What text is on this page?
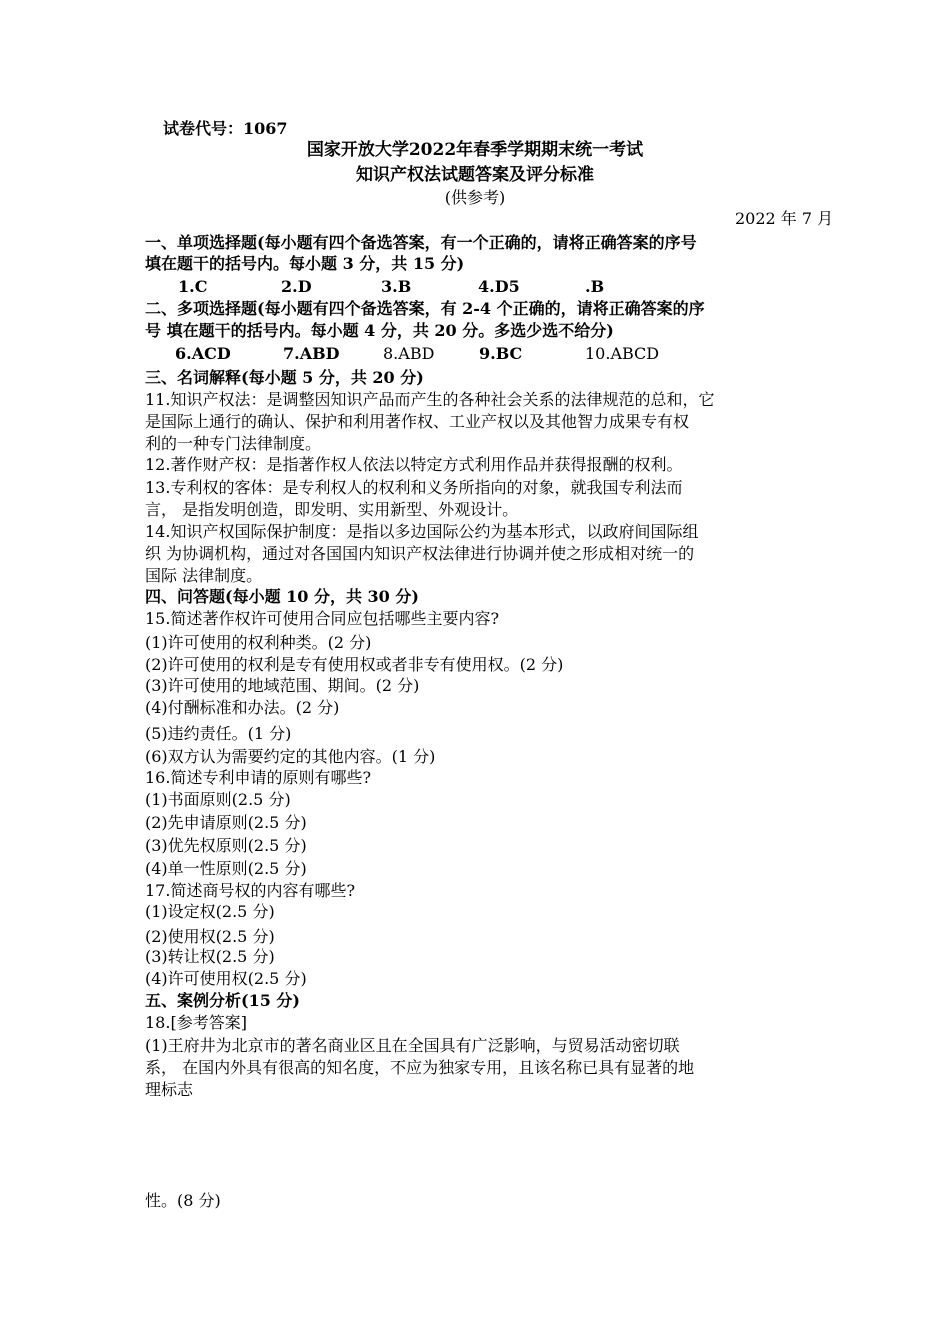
试卷代号：1067
国家开放大学2022年春季学期期末统一考试
知识产权法试题答案及评分标准
(供参考)
2022 年 7 月
一、单项选择题(每小题有四个备选答案，有一个正确的，请将正确答案的序号
填在题干的括号内。每小题 3 分，共 15 分)
1.C	2.D	3.B	4.D5	.B
二、多项选择题(每小题有四个备选答案，有 2-4 个正确的，请将正确答案的序
号 填在题干的括号内。每小题 4 分，共 20 分。多选少选不给分)
6.ACD	7.ABD	8.ABD	9.BC	10.ABCD
三、名词解释(每小题 5 分，共 20 分)
11.知识产权法：是调整因知识产品而产生的各种社会关系的法律规范的总和，它
是国际上通行的确认、保护和利用著作权、工业产权以及其他智力成果专有权
利的一种专门法律制度。
12.著作财产权：是指著作权人依法以特定方式利用作品并获得报酬的权利。
13.专利权的客体：是专利权人的权利和义务所指向的对象，就我国专利法而
言， 是指发明创造，即发明、实用新型、外观设计。
14.知识产权国际保护制度：是指以多边国际公约为基本形式，以政府间国际组
织 为协调机构，通过对各国国内知识产权法律进行协调并使之形成相对统一的
国际 法律制度。
四、问答题(每小题 10 分，共 30 分)
15.简述著作权许可使用合同应包括哪些主要内容?
(1)许可使用的权利种类。(2 分)
(2)许可使用的权利是专有使用权或者非专有使用权。(2 分)
(3)许可使用的地域范围、期间。(2 分)
(4)付酬标准和办法。(2 分)
(5)违约责任。(1 分)
(6)双方认为需要约定的其他内容。(1 分)
16.简述专利申请的原则有哪些?
(1)书面原则(2.5 分)
(2)先申请原则(2.5 分)
(3)优先权原则(2.5 分)
(4)单一性原则(2.5 分)
17.简述商号权的内容有哪些?
(1)设定权(2.5 分)
(2)使用权(2.5 分)
(3)转让权(2.5 分)
(4)许可使用权(2.5 分)
五、案例分析(15 分)
18.[参考答案]
(1)王府井为北京市的著名商业区且在全国具有广泛影响，与贸易活动密切联
系， 在国内外具有很高的知名度，不应为独家专用，且该名称已具有显著的地
理标志
性。(8 分)
